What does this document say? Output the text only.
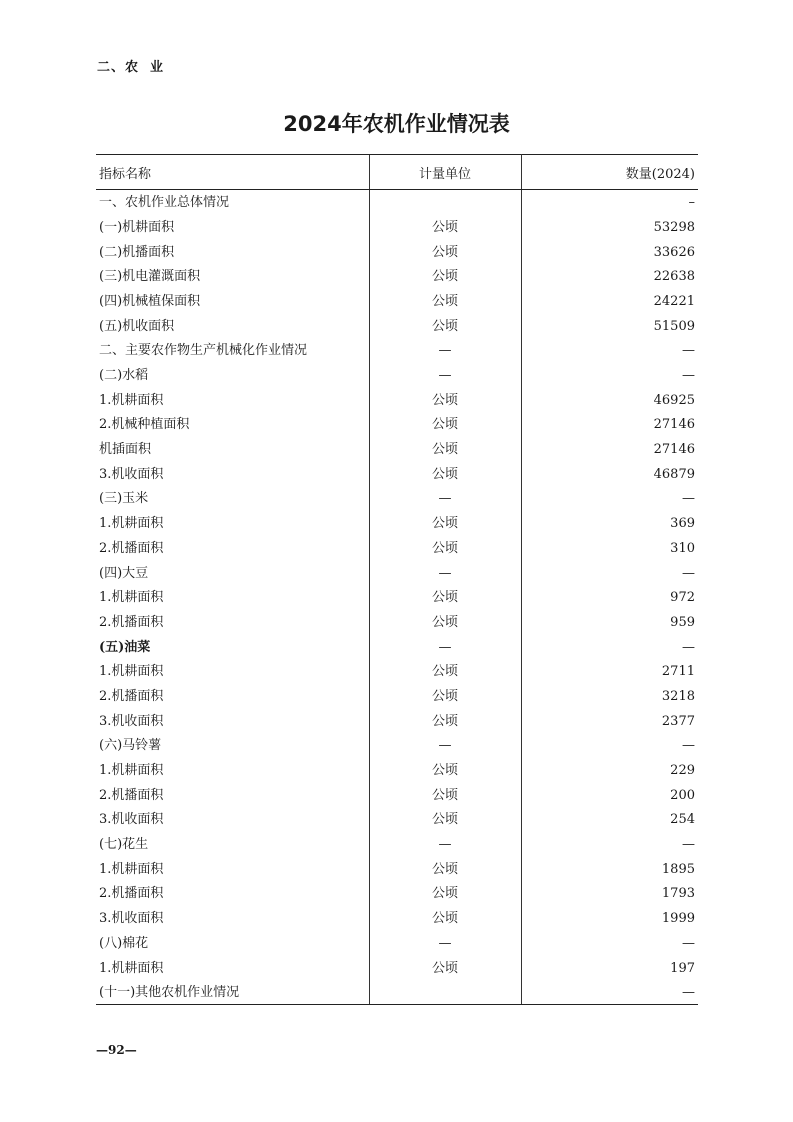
二、农  业
2024年农机作业情况表
指标名称	计量单位	数量(2024)
一、农机作业总体情况		–
(一)机耕面积	公顷	53298
(二)机播面积	公顷	33626
(三)机电灌溉面积	公顷	22638
(四)机械植保面积	公顷	24221
(五)机收面积	公顷	51509
二、主要农作物生产机械化作业情况	—	—
(二)水稻	—	—
1.机耕面积	公顷	46925
2.机械种植面积	公顷	27146
机插面积	公顷	27146
3.机收面积	公顷	46879
(三)玉米	—	—
1.机耕面积	公顷	369
2.机播面积	公顷	310
(四)大豆	—	—
1.机耕面积	公顷	972
2.机播面积	公顷	959
(五)油菜	—	—
1.机耕面积	公顷	2711
2.机播面积	公顷	3218
3.机收面积	公顷	2377
(六)马铃薯	—	—
1.机耕面积	公顷	229
2.机播面积	公顷	200
3.机收面积	公顷	254
(七)花生	—	—
1.机耕面积	公顷	1895
2.机播面积	公顷	1793
3.机收面积	公顷	1999
(八)棉花	—	—
1.机耕面积	公顷	197
(十一)其他农机作业情况		—
—92—
